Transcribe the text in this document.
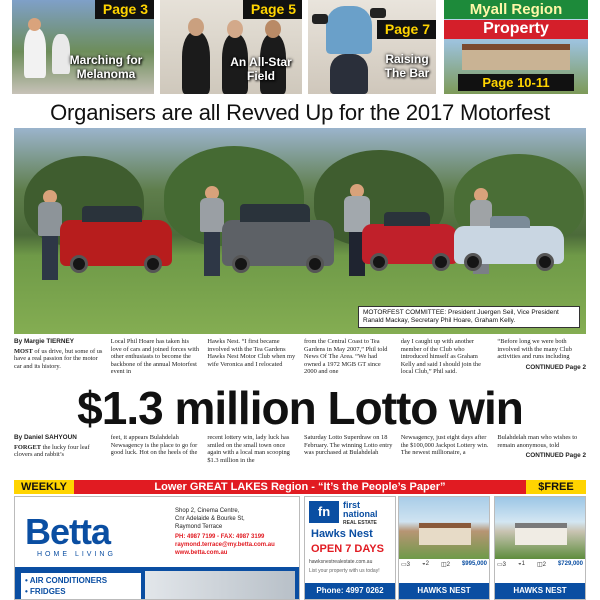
Page 3
Marching for Melanoma
Page 5
An All-Star Field
Page 7
Raising The Bar
Myall Region
Property
Page 10-11
Organisers are all Revved Up for the 2017 Motorfest
MOTORFEST COMMITTEE: President Juergen Seil, Vice President Ranald Mackay, Secretary Phil Hoare, Graham Kelly.
By Margie TIERNEY
MOST of us drive, but some of us have a real passion for the motor car and its history.
Local Phil Hoare has taken his love of cars and joined forces with other enthusiasts to become the backbone of the annual Motorfest event in
Hawks Nest. “I first became involved with the Tea Gardens Hawks Nest Motor Club when my wife Veronica and I relocated
from the Central Coast to Tea Gardens in May 2007,” Phil told News Of The Area. “We had owned a 1972 MGB GT since 2000 and one
day I caught up with another member of the Club who introduced himself as Graham Kelly and said I should join the local Club,” Phil said.
“Before long we were both involved with the many Club activities and runs including
CONTINUED Page 2
$1.3 million Lotto win
By Daniel SAHYOUN
FORGET the lucky four leaf clovers and rabbit’s
feet, it appears Bulahdelah Newsagency is the place to go for good luck. Hot on the heels of the
recent lottery win, lady luck has smiled on the small town once again with a local man scooping $1.3 million in the
Saturday Lotto Superdraw on 18 February. The winning Lotto entry was purchased at Bulahdelah
Newsagency, just eight days after the $100,000 Jackpot Lottery win. The newest millionaire, a
Bulahdelah man who wishes to remain anonymous, told
CONTINUED Page 2
WEEKLY	Lower GREAT LAKES Region - “It’s the People’s Paper”	$FREE
Betta
HOME LIVING
Shop 2, Cinema Centre,
Cnr Adelaide & Bourke St,
Raymond Terrace
PH: 4987 7199 - FAX: 4987 3199
raymond.terrace@my.betta.com.au
www.betta.com.au
• AIR CONDITIONERS
• FRIDGES
fn	first
national
REAL ESTATE
Hawks Nest
OPEN 7 DAYS
hawksnestrealestate.com.au
List your property with us today!
Phone: 4997 0262
▭3 ◒2 ◫2 $995,000
HAWKS NEST
▭3 ◒1 ◫2 $729,000
HAWKS NEST
